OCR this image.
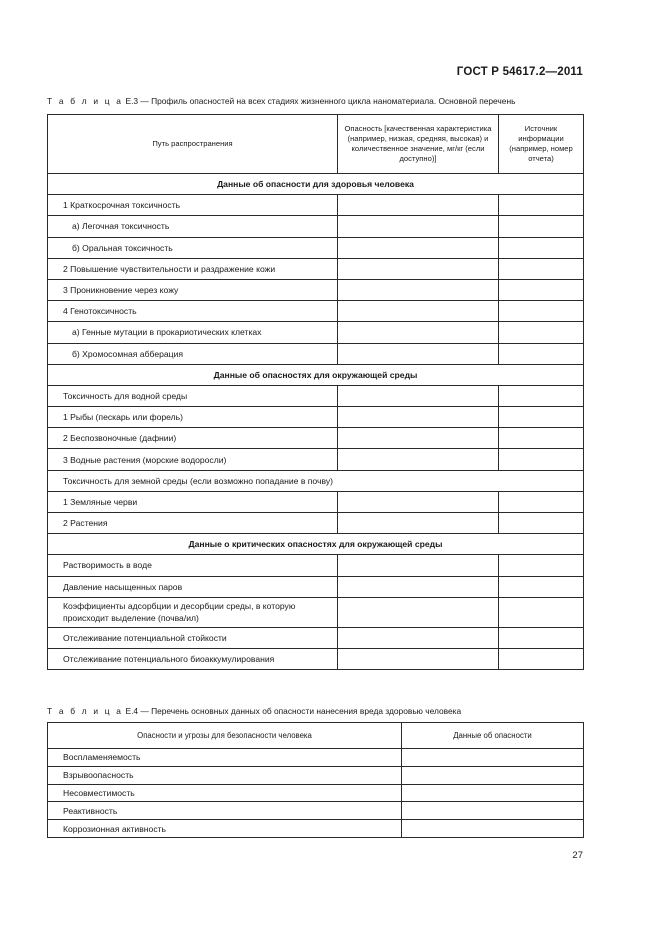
ГОСТ Р 54617.2—2011
Т а б л и ц а Е.3 — Профиль опасностей на всех стадиях жизненного цикла наноматериала. Основной перечень
Путь распространения	Опасность [качественная характеристика (например, низкая, средняя, высокая) и количественное значение, мг/кг (если доступно)]	Источник информации (например, номер отчета)
Данные об опасности для здоровья человека		
1 Краткосрочная токсичность		
а) Легочная токсичность		
б) Оральная токсичность		
2 Повышение чувствительности и раздражение кожи		
3 Проникновение через кожу		
4 Генотоксичность		
а) Генные мутации в прокариотических клетках		
б) Хромосомная абберация		
Данные об опасностях для окружающей среды		
Токсичность для водной среды		
1 Рыбы (пескарь или форель)		
2 Беспозвоночные (дафнии)		
3 Водные растения (морские водоросли)		
Токсичность для земной среды (если возможно попадание в почву)		
1 Земляные черви		
2 Растения		
Данные о критических опасностях для окружающей среды		
Растворимость в воде		
Давление насыщенных паров		
Коэффициенты адсорбции и десорбции среды, в которую происходит выделение (почва/ил)		
Отслеживание потенциальной стойкости		
Отслеживание потенциального биоаккумулирования		
Т а б л и ц а Е.4 — Перечень основных данных об опасности нанесения вреда здоровью человека
Опасности и угрозы для безопасности человека	Данные об опасности
Воспламеняемость	
Взрывоопасность	
Несовместимость	
Реактивность	
Коррозионная активность	
27
